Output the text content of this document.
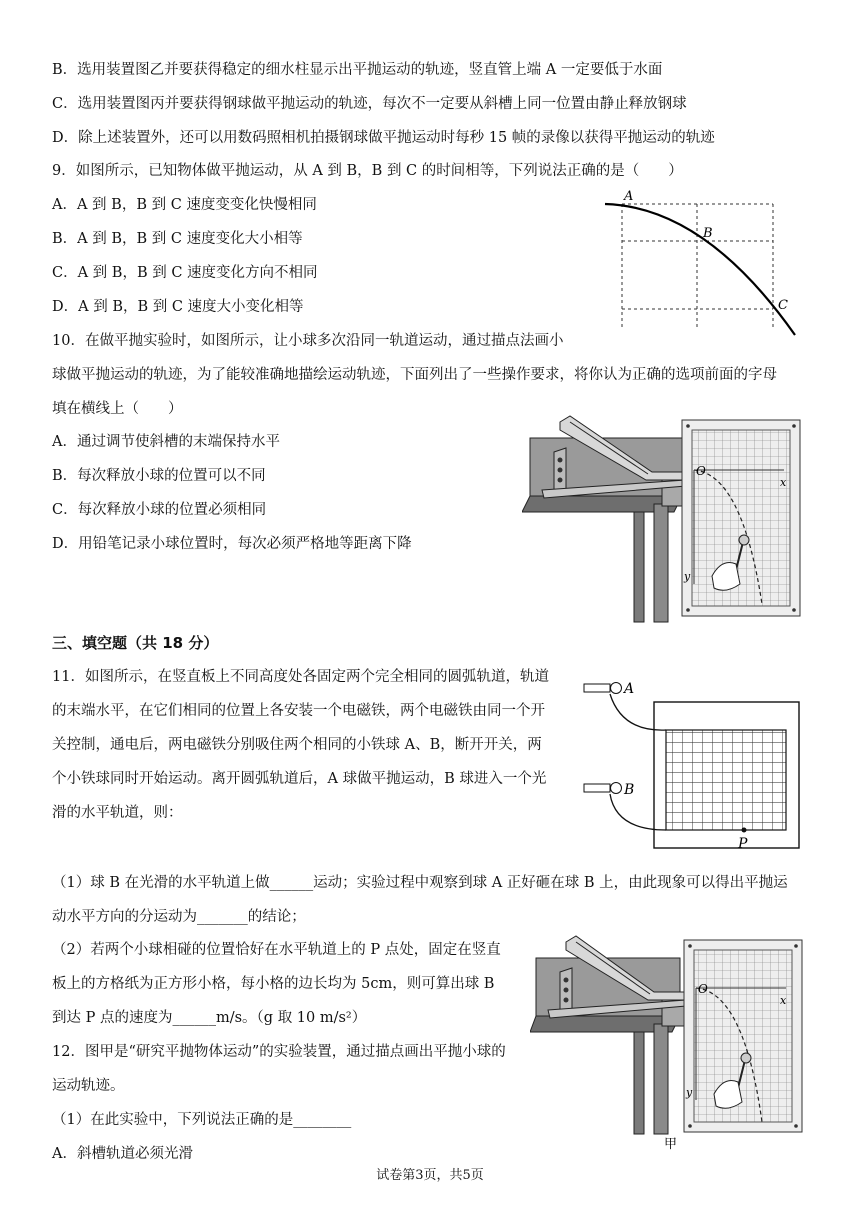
B．选用装置图乙并要获得稳定的细水柱显示出平抛运动的轨迹，竖直管上端 A 一定要低于水面
C．选用装置图丙并要获得钢球做平抛运动的轨迹，每次不一定要从斜槽上同一位置由静止释放钢球
D．除上述装置外，还可以用数码照相机拍摄钢球做平抛运动时每秒 15 帧的录像以获得平抛运动的轨迹
9．如图所示，已知物体做平抛运动，从 A 到 B，B 到 C 的时间相等，下列说法正确的是（　　）
A．A 到 B，B 到 C 速度变变化快慢相同
B．A 到 B，B 到 C 速度变化大小相等
C．A 到 B，B 到 C 速度变化方向不相同
D．A 到 B，B 到 C 速度大小变化相等
A
B
C
10．在做平抛实验时，如图所示，让小球多次沿同一轨道运动，通过描点法画小
球做平抛运动的轨迹，为了能较准确地描绘运动轨迹，下面列出了一些操作要求，将你认为正确的选项前面的字母
填在横线上（　　）
A．通过调节使斜槽的末端保持水平
B．每次释放小球的位置可以不同
C．每次释放小球的位置必须相同
D．用铅笔记录小球位置时，每次必须严格地等距离下降
O
x
y
三、填空题（共 18 分）
11．如图所示，在竖直板上不同高度处各固定两个完全相同的圆弧轨道，轨道
的末端水平，在它们相同的位置上各安装一个电磁铁，两个电磁铁由同一个开
关控制，通电后，两电磁铁分别吸住两个相同的小铁球 A、B，断开开关，两
个小铁球同时开始运动。离开圆弧轨道后，A 球做平抛运动，B 球进入一个光
滑的水平轨道，则：
A
B
P
（1）球 B 在光滑的水平轨道上做______运动；实验过程中观察到球 A 正好砸在球 B 上，由此现象可以得出平抛运
动水平方向的分运动为_______的结论；
（2）若两个小球相碰的位置恰好在水平轨道上的 P 点处，固定在竖直
板上的方格纸为正方形小格，每小格的边长均为 5cm，则可算出球 B
到达 P 点的速度为______m/s。（g 取 10 m/s²）
12．图甲是“研究平抛物体运动”的实验装置，通过描点画出平抛小球的
运动轨迹。
（1）在此实验中，下列说法正确的是________
A．斜槽轨道必须光滑
O
x
y
甲
试卷第3页，共5页
